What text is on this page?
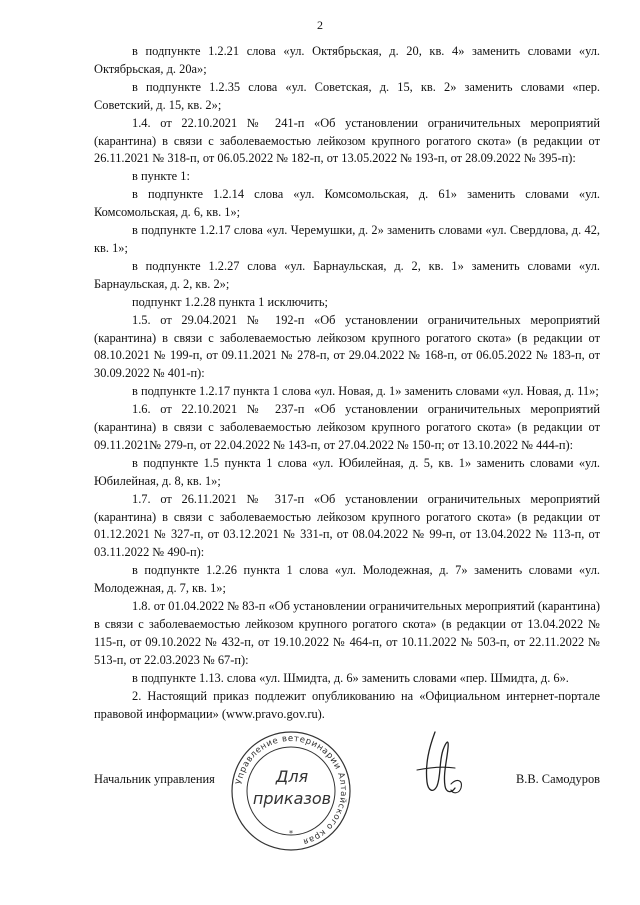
2

в подпункте 1.2.21 слова «ул. Октябрьская, д. 20, кв. 4» заменить словами «ул. Октябрьская, д. 20а»;

в подпункте 1.2.35 слова «ул. Советская, д. 15, кв. 2» заменить словами «пер. Советский, д. 15, кв. 2»;

1.4. от 22.10.2021 № 241-п «Об установлении ограничительных мероприятий (карантина) в связи с заболеваемостью лейкозом крупного рогатого скота» (в редакции от 26.11.2021 № 318-п, от 06.05.2022 № 182-п, от 13.05.2022 № 193-п, от 28.09.2022 № 395-п):

в пункте 1:

в подпункте 1.2.14 слова «ул. Комсомольская, д. 61» заменить словами «ул. Комсомольская, д. 6, кв. 1»;

в подпункте 1.2.17 слова «ул. Черемушки, д. 2» заменить словами «ул. Свердлова, д. 42, кв. 1»;

в подпункте 1.2.27 слова «ул. Барнаульская, д. 2, кв. 1» заменить словами «ул. Барнаульская, д. 2, кв. 2»;

подпункт 1.2.28 пункта 1 исключить;

1.5. от 29.04.2021 № 192-п «Об установлении ограничительных мероприятий (карантина) в связи с заболеваемостью лейкозом крупного рогатого скота» (в редакции от 08.10.2021 № 199-п, от 09.11.2021 № 278-п, от 29.04.2022 № 168-п, от 06.05.2022 № 183-п, от 30.09.2022 № 401-п):

в подпункте 1.2.17 пункта 1 слова «ул. Новая, д. 1» заменить словами «ул. Новая, д. 11»;

1.6. от 22.10.2021 № 237-п «Об установлении ограничительных мероприятий (карантина) в связи с заболеваемостью лейкозом крупного рогатого скота» (в редакции от 09.11.2021№ 279-п, от 22.04.2022 № 143-п, от 27.04.2022 № 150-п; от 13.10.2022 № 444-п):

в подпункте 1.5 пункта 1 слова «ул. Юбилейная, д. 5, кв. 1» заменить словами «ул. Юбилейная, д. 8, кв. 1»;

1.7. от 26.11.2021 № 317-п «Об установлении ограничительных мероприятий (карантина) в связи с заболеваемостью лейкозом крупного рогатого скота» (в редакции от 01.12.2021 № 327-п, от 03.12.2021 № 331-п, от 08.04.2022 № 99-п, от 13.04.2022 № 113-п, от 03.11.2022 № 490-п):

в подпункте 1.2.26 пункта 1 слова «ул. Молодежная, д. 7» заменить словами «ул. Молодежная, д. 7, кв. 1»;

1.8. от 01.04.2022 № 83-п «Об установлении ограничительных мероприятий (карантина) в связи с заболеваемостью лейкозом крупного рогатого скота» (в редакции от 13.04.2022 № 115-п, от 09.10.2022 № 432-п, от 19.10.2022 № 464-п, от 10.11.2022 № 503-п, от 22.11.2022 № 513-п, от 22.03.2023 № 67-п):

в подпункте 1.13. слова «ул. Шмидта, д. 6» заменить словами «пер. Шмидта, д. 6».

2. Настоящий приказ подлежит опубликованию на «Официальном интернет-портале правовой информации» (www.pravo.gov.ru).

Начальник управления	В.В. Самодуров
Управление ветеринарии Алтайского края
Для
приказов
*
